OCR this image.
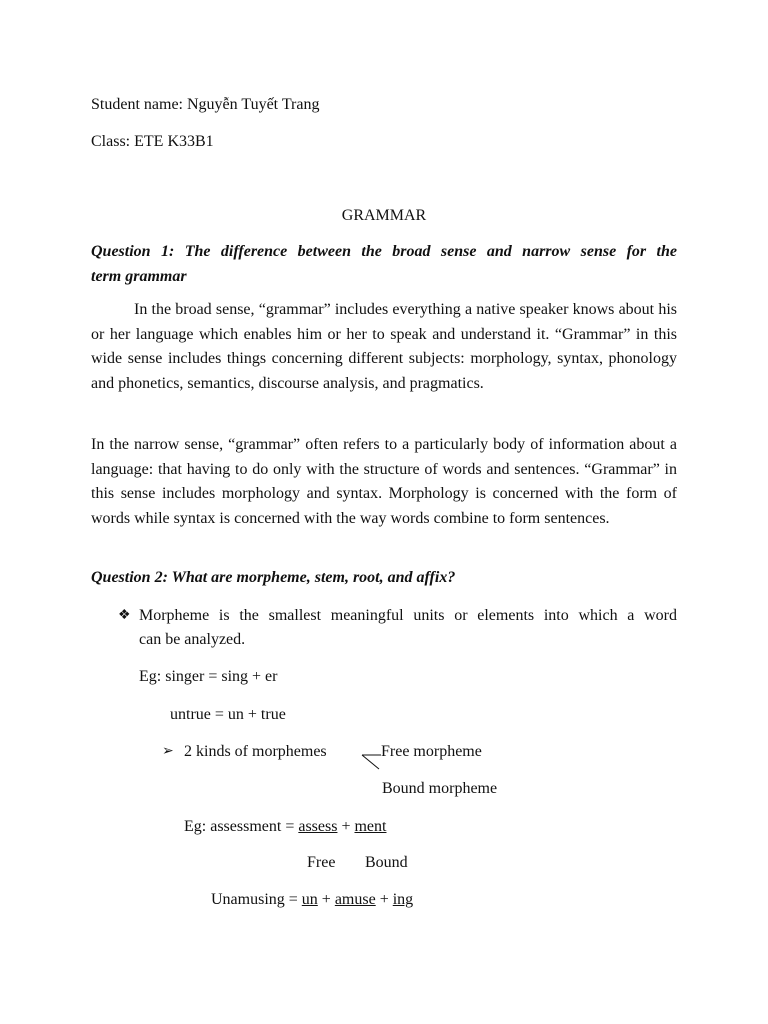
Student name: Nguyễn Tuyết Trang
Class: ETE K33B1
GRAMMAR
Question 1: The difference between the broad sense and narrow sense for the
term grammar
In the broad sense, “grammar” includes everything a native speaker knows about his or her language which enables him or her to speak and understand it. “Grammar” in this wide sense includes things concerning different subjects: morphology, syntax, phonology and phonetics, semantics, discourse analysis, and pragmatics.
In the narrow sense, “grammar” often refers to a particularly body of information about a language: that having to do only with the structure of words and sentences. “Grammar” in this sense includes morphology and syntax. Morphology is concerned with the form of words while syntax is concerned with the way words combine to form sentences.
Question 2: What are morpheme, stem, root, and affix?
❖ Morpheme is the smallest meaningful units or elements into which a word
can be analyzed.
Eg: singer = sing + er
untrue = un + true
➢ 2 kinds of morphemes	Free morpheme
Bound morpheme
Eg: assessment = assess + ment
Free Bound
Unamusing = un + amuse + ing
